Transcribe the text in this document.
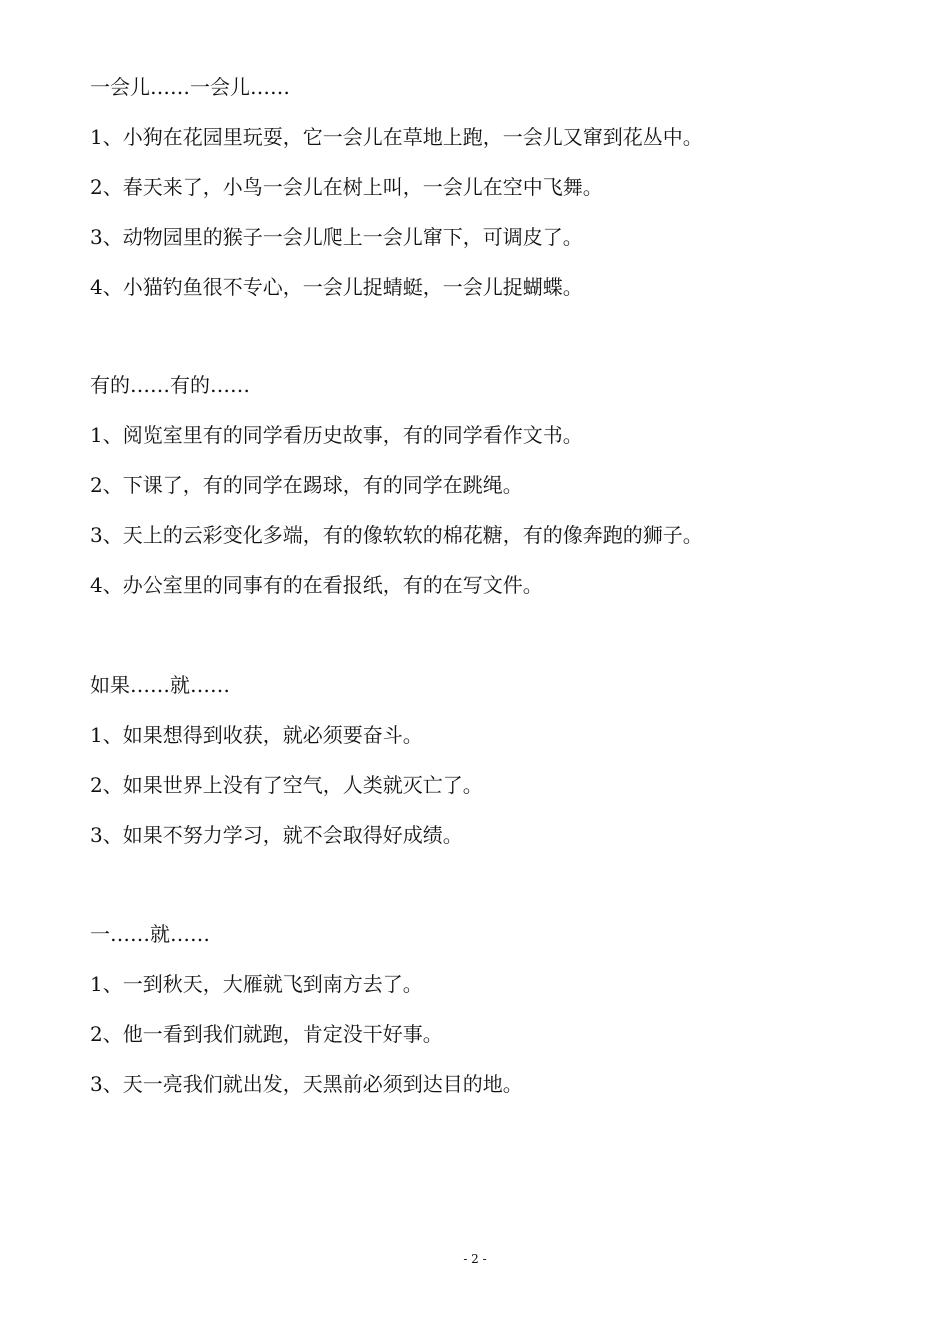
一会儿……一会儿……
1、小狗在花园里玩耍，它一会儿在草地上跑，一会儿又窜到花丛中。
2、春天来了，小鸟一会儿在树上叫，一会儿在空中飞舞。
3、动物园里的猴子一会儿爬上一会儿窜下，可调皮了。
4、小猫钓鱼很不专心，一会儿捉蜻蜓，一会儿捉蝴蝶。
有的……有的……
1、阅览室里有的同学看历史故事，有的同学看作文书。
2、下课了，有的同学在踢球，有的同学在跳绳。
3、天上的云彩变化多端，有的像软软的棉花糖，有的像奔跑的狮子。
4、办公室里的同事有的在看报纸，有的在写文件。
如果……就……
1、如果想得到收获，就必须要奋斗。
2、如果世界上没有了空气，人类就灭亡了。
3、如果不努力学习，就不会取得好成绩。
一……就……
1、一到秋天，大雁就飞到南方去了。
2、他一看到我们就跑，肯定没干好事。
3、天一亮我们就出发，天黑前必须到达目的地。
- 2 -
